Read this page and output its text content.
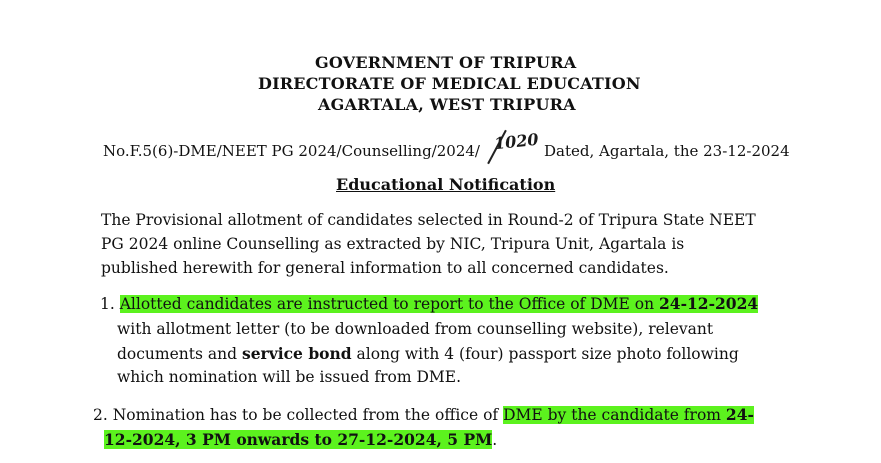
GOVERNMENT OF TRIPURA
DIRECTORATE OF MEDICAL EDUCATION
AGARTALA, WEST TRIPURA
No.F.5(6)-DME/NEET PG 2024/Counselling/2024/ 1020 Dated, Agartala, the 23-12-2024
Educational Notification
The Provisional allotment of candidates selected in Round-2 of Tripura State NEET
PG 2024 online Counselling as extracted by NIC, Tripura Unit, Agartala is
published herewith for general information to all concerned candidates.
1. Allotted candidates are instructed to report to the Office of DME on 24-12-2024
with allotment letter (to be downloaded from counselling website), relevant
documents and service bond along with 4 (four) passport size photo following
which nomination will be issued from DME.
2. Nomination has to be collected from the office of DME by the candidate from 24-
12-2024, 3 PM onwards to 27-12-2024, 5 PM.
